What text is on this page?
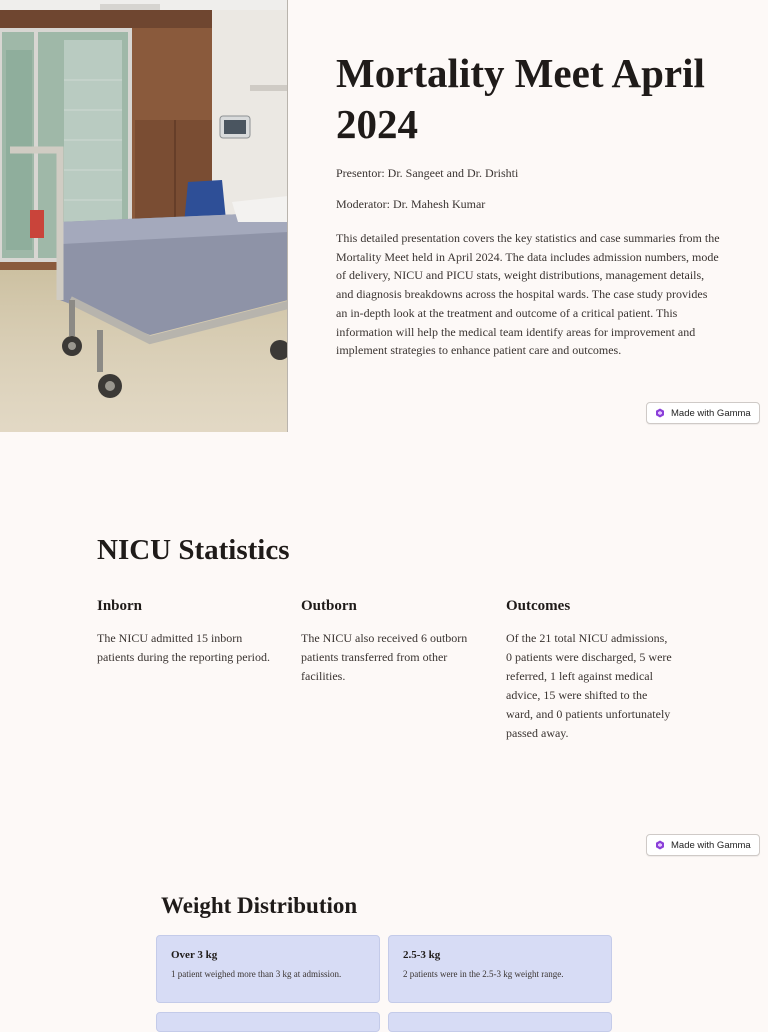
Mortality Meet April 2024

Presentor: Dr. Sangeet and Dr. Drishti

Moderator: Dr. Mahesh Kumar

This detailed presentation covers the key statistics and case summaries from the Mortality Meet held in April 2024. The data includes admission numbers, mode of delivery, NICU and PICU stats, weight distributions, management details, and diagnosis breakdowns across the hospital wards. The case study provides an in-depth look at the treatment and outcome of a critical patient. This information will help the medical team identify areas for improvement and implement strategies to enhance patient care and outcomes.

Made with Gamma
NICU Statistics
Inborn

The NICU admitted 15 inborn patients during the reporting period.

Outborn

The NICU also received 6 outborn patients transferred from other facilities.

Outcomes

Of the 21 total NICU admissions, 0 patients were discharged, 5 were referred, 1 left against medical advice, 15 were shifted to the ward, and 0 patients unfortunately passed away.

Made with Gamma
Weight Distribution
Over 3 kg

1 patient weighed more than 3 kg at admission.

2.5-3 kg

2 patients were in the 2.5-3 kg weight range.
